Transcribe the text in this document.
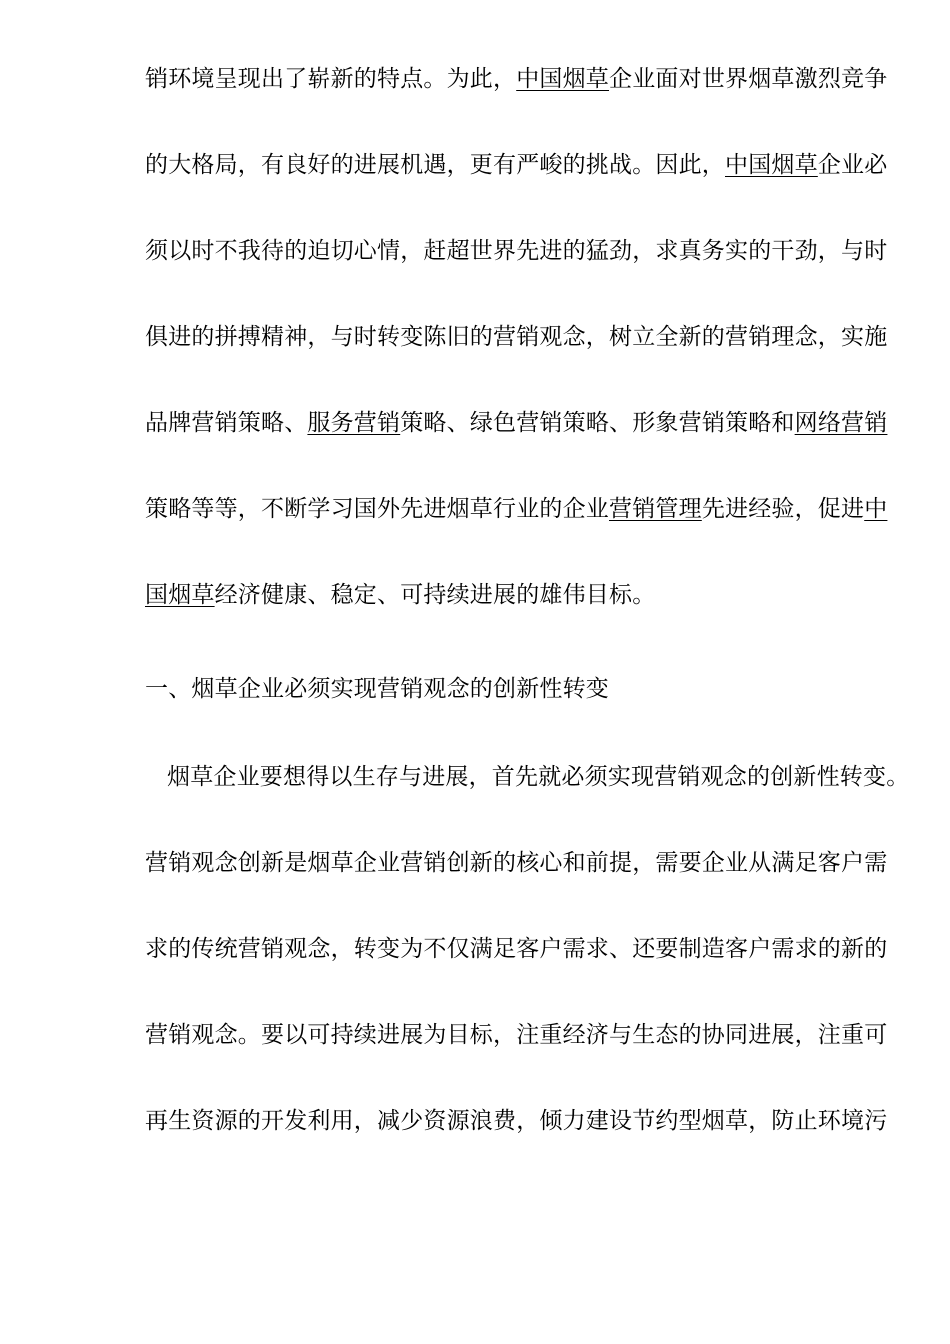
销环境呈现出了崭新的特点。为此，中国烟草企业面对世界烟草激烈竞争
的大格局，有良好的进展机遇，更有严峻的挑战。因此，中国烟草企业必
须以时不我待的迫切心情，赶超世界先进的猛劲，求真务实的干劲，与时
俱进的拼搏精神，与时转变陈旧的营销观念，树立全新的营销理念，实施
品牌营销策略、服务营销策略、绿色营销策略、形象营销策略和网络营销
策略等等，不断学习国外先进烟草行业的企业营销管理先进经验，促进中
国烟草经济健康、稳定、可持续进展的雄伟目标。
一、烟草企业必须实现营销观念的创新性转变
烟草企业要想得以生存与进展，首先就必须实现营销观念的创新性转变。
营销观念创新是烟草企业营销创新的核心和前提，需要企业从满足客户需
求的传统营销观念，转变为不仅满足客户需求、还要制造客户需求的新的
营销观念。要以可持续进展为目标，注重经济与生态的协同进展，注重可
再生资源的开发利用，减少资源浪费，倾力建设节约型烟草，防止环境污
